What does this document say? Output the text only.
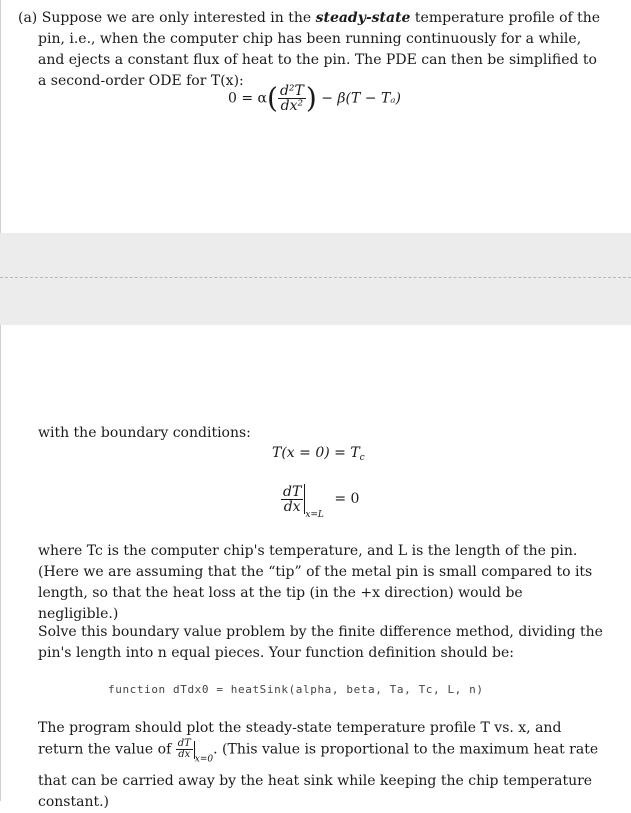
(a) Suppose we are only interested in the steady-state temperature profile of the pin, i.e., when the computer chip has been running continuously for a while, and ejects a constant flux of heat to the pin. The PDE can then be simplified to a second-order ODE for T(x):
$0 = \alpha( \frac{\text{d²T}}{\text{dx²}}$ ) − β(T − Tₐ)
with the boundary conditions:
$T(x = 0) = T_c$
$\frac{dT}{dx}$
$_{x=L}$ = 0
where Tc is the computer chip's temperature, and L is the length of the pin. (Here we are assuming that the “tip” of the metal pin is small compared to its length, so that the heat loss at the tip (in the +x direction) would be negligible.)
Solve this boundary value problem by the finite difference method, dividing the pin's length into n equal pieces. Your function definition should be:
function dTdx0 = heatSink(alpha, beta, Ta, Tc, L, n)
The program should plot the steady-state temperature profile T vs. x, and return the value of $\frac{dT}{dx} _{x=0}$. (This value is proportional to the maximum heat rate that can be carried away by the heat sink while keeping the chip temperature constant.)
